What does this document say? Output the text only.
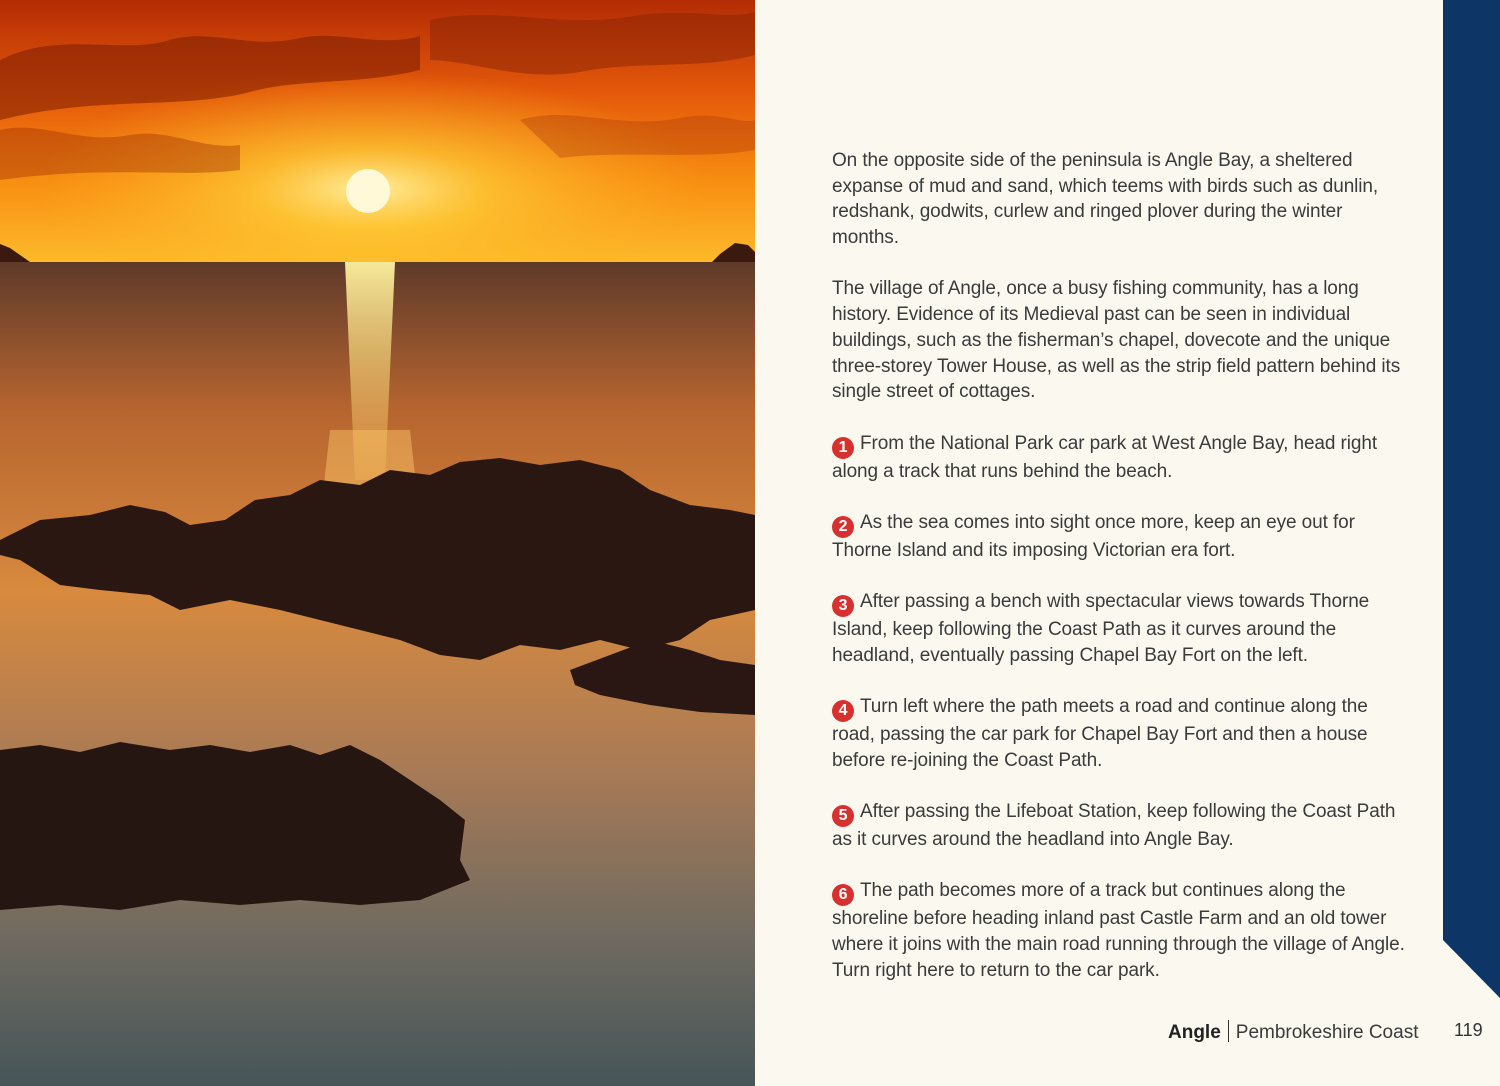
On the opposite side of the peninsula is Angle Bay, a sheltered expanse of mud and sand, which teems with birds such as dunlin, redshank, godwits, curlew and ringed plover during the winter months.

The village of Angle, once a busy fishing community, has a long history. Evidence of its Medieval past can be seen in individual buildings, such as the fisherman’s chapel, dovecote and the unique three-storey Tower House, as well as the strip field pattern behind its single street of cottages.

1 From the National Park car park at West Angle Bay, head right along a track that runs behind the beach.

2 As the sea comes into sight once more, keep an eye out for Thorne Island and its imposing Victorian era fort.

3 After passing a bench with spectacular views towards Thorne Island, keep following the Coast Path as it curves around the headland, eventually passing Chapel Bay Fort on the left.

4 Turn left where the path meets a road and continue along the road, passing the car park for Chapel Bay Fort and then a house before re-joining the Coast Path.

5 After passing the Lifeboat Station, keep following the Coast Path as it curves around the headland into Angle Bay.

6 The path becomes more of a track but continues along the shoreline before heading inland past Castle Farm and an old tower where it joins with the main road running through the village of Angle. Turn right here to return to the car park.

Angle Pembrokeshire Coast 119
